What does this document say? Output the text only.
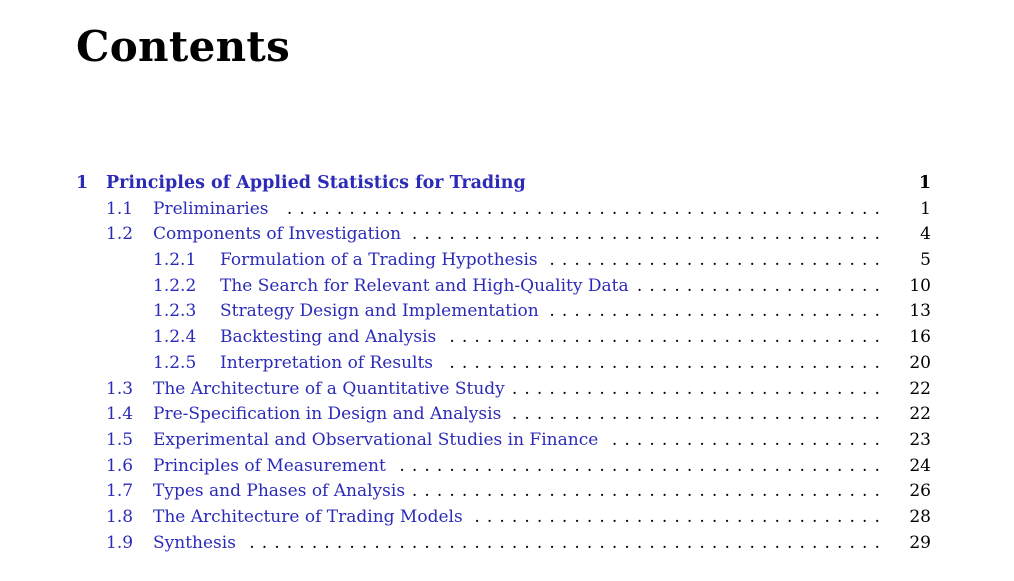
Contents
1 Principles of Applied Statistics for Trading	1
1.1 Preliminaries	................................................ 1
1.2 Components of Investigation ...................................... 4
1.2.1 Formulation of a Trading Hypothesis ........................... 5
1.2.2 The Search for Relevant and High-Quality Data .................... 10
1.2.3 Strategy Design and Implementation ........................... 13
1.2.4 Backtesting and Analysis ................................... 16
1.2.5 Interpretation of Results ................................... 20
1.3 The Architecture of a Quantitative Study .............................. 22
1.4 Pre-Specification in Design and Analysis .............................. 22
1.5 Experimental and Observational Studies in Finance ...................... 23
1.6 Principles of Measurement ....................................... 24
1.7 Types and Phases of Analysis ...................................... 26
1.8 The Architecture of Trading Models ................................. 28
1.9 Synthesis ................................................... 29
